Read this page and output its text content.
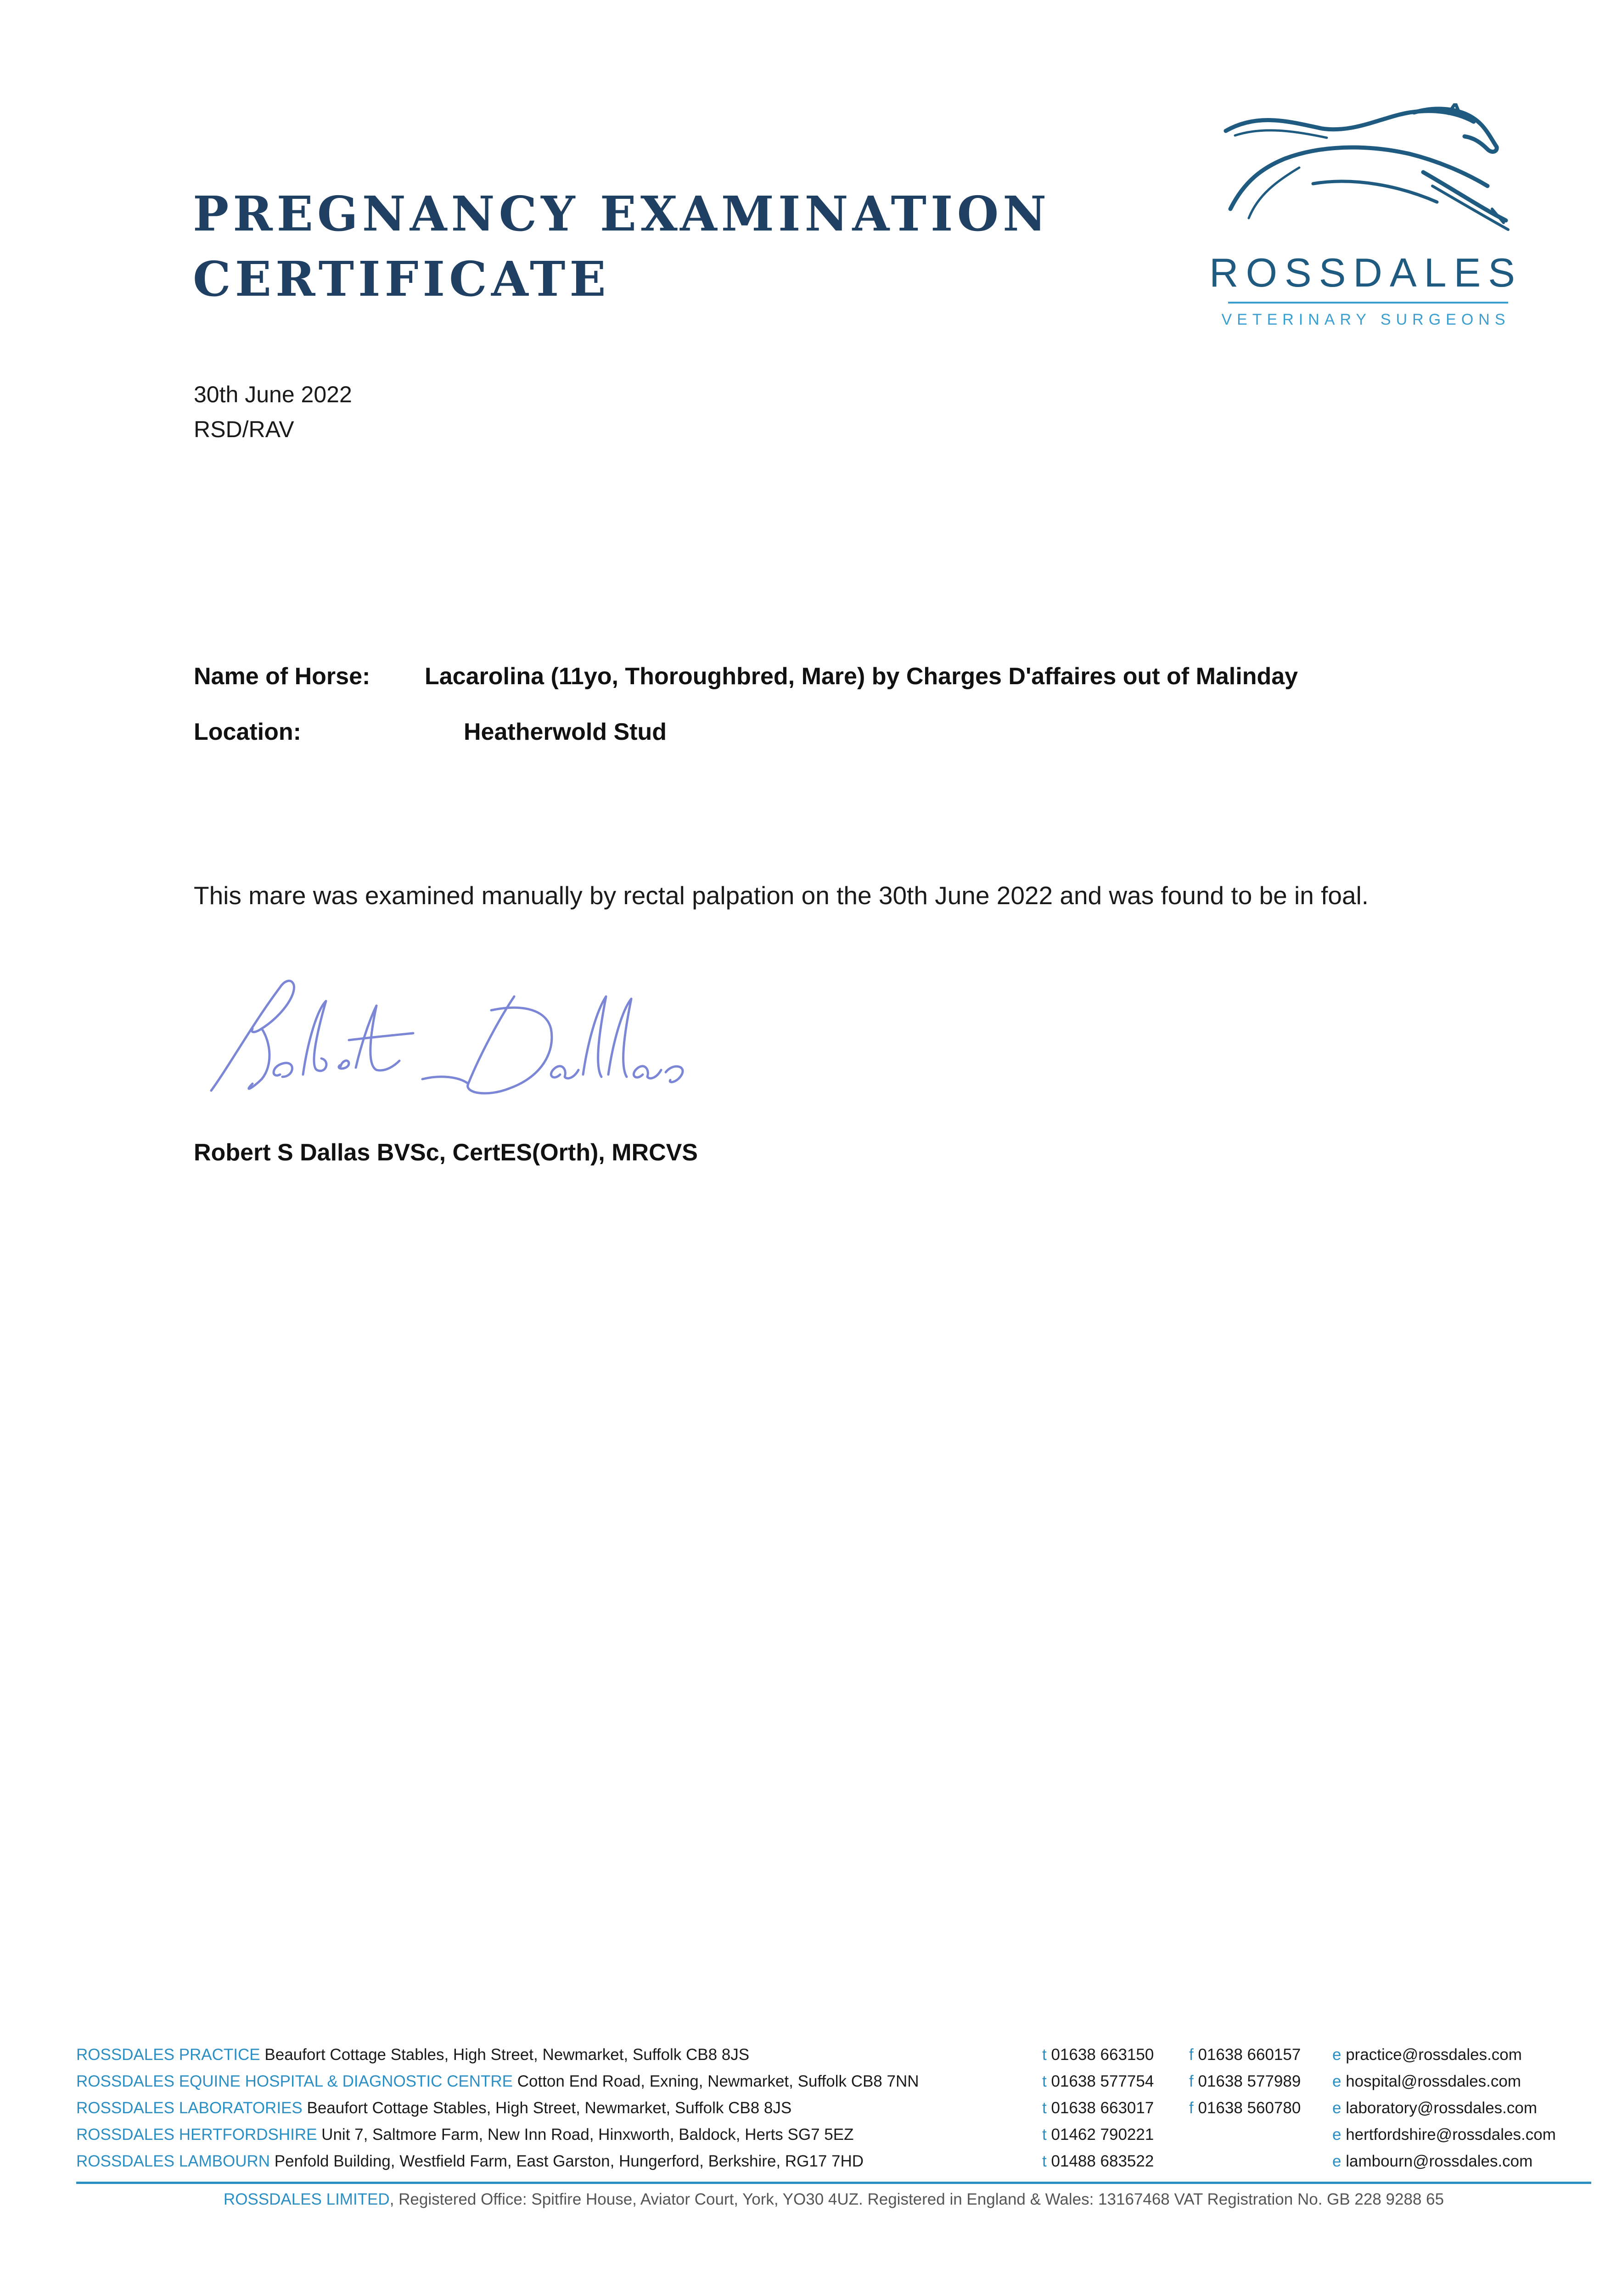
PREGNANCY EXAMINATION
CERTIFICATE	ROSSDALES
VETERINARY SURGEONS
30th June 2022
RSD/RAV
Name of Horse: Lacarolina (11yo, Thoroughbred, Mare) by Charges D'affaires out of Malinday
Location:	Heatherwold Stud
This mare was examined manually by rectal palpation on the 30th June 2022 and was found to be in foal.
Robert S Dallas BVSc, CertES(Orth), MRCVS
ROSSDALES PRACTICE Beaufort Cottage Stables, High Street, Newmarket, Suffolk CB8 8JS	t 01638 663150 f 01638 660157 e practice@rossdales.com
ROSSDALES EQUINE HOSPITAL & DIAGNOSTIC CENTRE Cotton End Road, Exning, Newmarket, Suffolk CB8 7NN	t 01638 577754 f 01638 577989 e hospital@rossdales.com
ROSSDALES LABORATORIES Beaufort Cottage Stables, High Street, Newmarket, Suffolk CB8 8JS	t 01638 663017 f 01638 560780 e laboratory@rossdales.com
ROSSDALES HERTFORDSHIRE Unit 7, Saltmore Farm, New Inn Road, Hinxworth, Baldock, Herts SG7 5EZ	t 01462 790221	e hertfordshire@rossdales.com
ROSSDALES LAMBOURN Penfold Building, Westfield Farm, East Garston, Hungerford, Berkshire, RG17 7HD	t 01488 683522	e lambourn@rossdales.com
ROSSDALES LIMITED, Registered Office: Spitfire House, Aviator Court, York, YO30 4UZ. Registered in England & Wales: 13167468 VAT Registration No. GB 228 9288 65
